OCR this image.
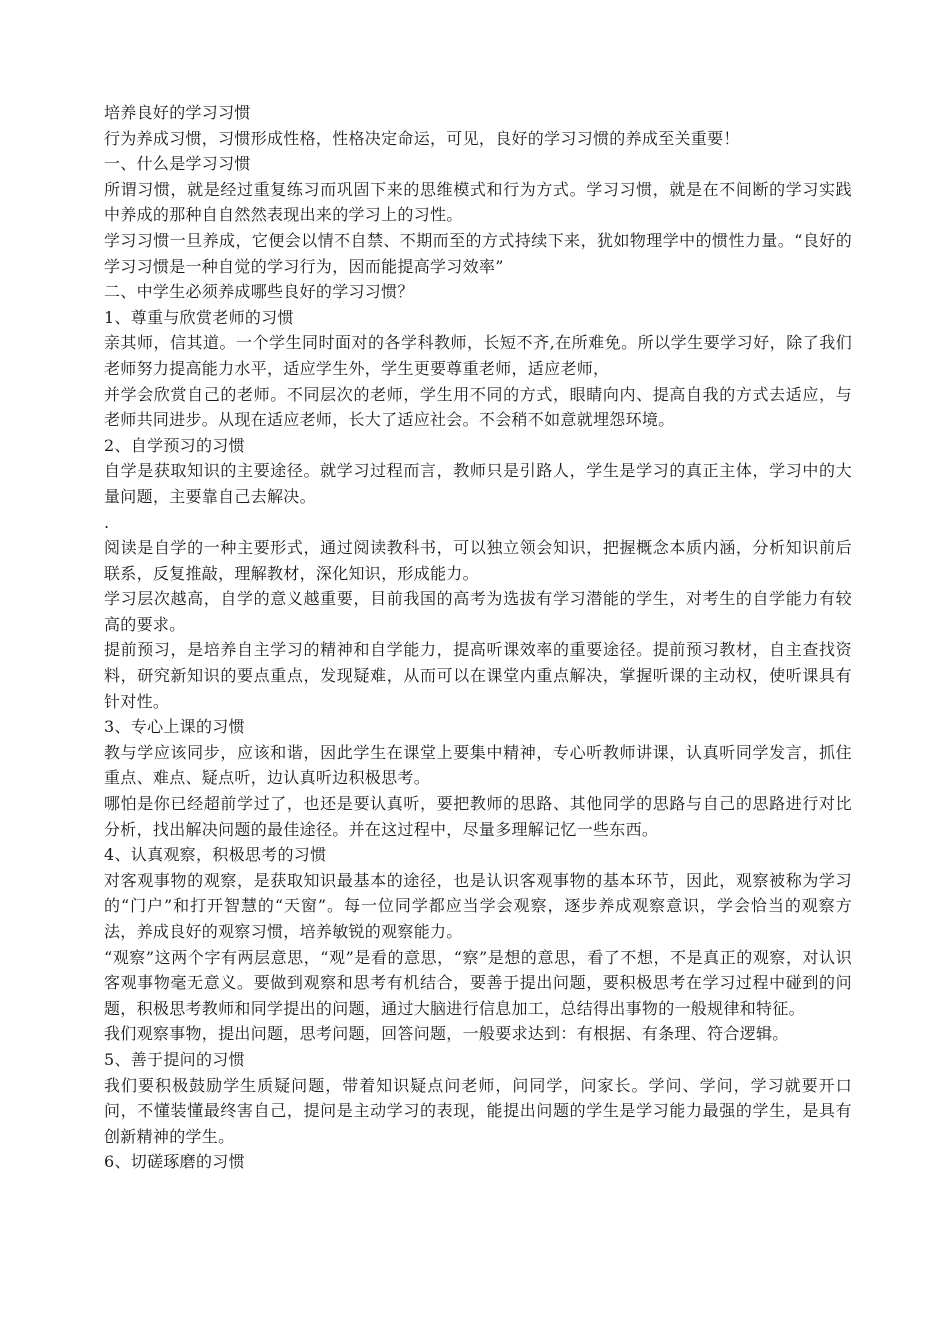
培养良好的学习习惯

行为养成习惯，习惯形成性格，性格决定命运，可见，良好的学习习惯的养成至关重要！

一、什么是学习习惯

所谓习惯，就是经过重复练习而巩固下来的思维模式和行为方式。学习习惯，就是在不间断的学习实践中养成的那种自自然然表现出来的学习上的习性。

学习习惯一旦养成，它便会以情不自禁、不期而至的方式持续下来，犹如物理学中的惯性力量。“良好的学习习惯是一种自觉的学习行为，因而能提高学习效率”

二、中学生必须养成哪些良好的学习习惯？

1、尊重与欣赏老师的习惯

亲其师，信其道。一个学生同时面对的各学科教师，长短不齐,在所难免。所以学生要学习好，除了我们老师努力提高能力水平，适应学生外，学生更要尊重老师，适应老师，

并学会欣赏自己的老师。不同层次的老师，学生用不同的方式，眼睛向内、提高自我的方式去适应，与老师共同进步。从现在适应老师，长大了适应社会。不会稍不如意就埋怨环境。

2、自学预习的习惯

自学是获取知识的主要途径。就学习过程而言，教师只是引路人，学生是学习的真正主体，学习中的大量问题，主要靠自己去解决。

.

阅读是自学的一种主要形式，通过阅读教科书，可以独立领会知识，把握概念本质内涵，分析知识前后联系，反复推敲，理解教材，深化知识，形成能力。

学习层次越高，自学的意义越重要，目前我国的高考为选拔有学习潜能的学生，对考生的自学能力有较高的要求。

提前预习，是培养自主学习的精神和自学能力，提高听课效率的重要途径。提前预习教材，自主查找资料，研究新知识的要点重点，发现疑难，从而可以在课堂内重点解决，掌握听课的主动权，使听课具有针对性。

3、专心上课的习惯

教与学应该同步，应该和谐，因此学生在课堂上要集中精神，专心听教师讲课，认真听同学发言，抓住重点、难点、疑点听，边认真听边积极思考。

哪怕是你已经超前学过了，也还是要认真听，要把教师的思路、其他同学的思路与自己的思路进行对比分析，找出解决问题的最佳途径。并在这过程中，尽量多理解记忆一些东西。

4、认真观察，积极思考的习惯

对客观事物的观察，是获取知识最基本的途径，也是认识客观事物的基本环节，因此，观察被称为学习的“门户”和打开智慧的“天窗”。每一位同学都应当学会观察，逐步养成观察意识，学会恰当的观察方法，养成良好的观察习惯，培养敏锐的观察能力。

“观察”这两个字有两层意思，“观”是看的意思，“察”是想的意思，看了不想，不是真正的观察，对认识客观事物毫无意义。要做到观察和思考有机结合，要善于提出问题，要积极思考在学习过程中碰到的问题，积极思考教师和同学提出的问题，通过大脑进行信息加工，总结得出事物的一般规律和特征。

我们观察事物，提出问题，思考问题，回答问题，一般要求达到：有根据、有条理、符合逻辑。

5、善于提问的习惯

我们要积极鼓励学生质疑问题，带着知识疑点问老师，问同学，问家长。学问、学问，学习就要开口问，不懂装懂最终害自己，提问是主动学习的表现，能提出问题的学生是学习能力最强的学生，是具有创新精神的学生。

6、切磋琢磨的习惯
